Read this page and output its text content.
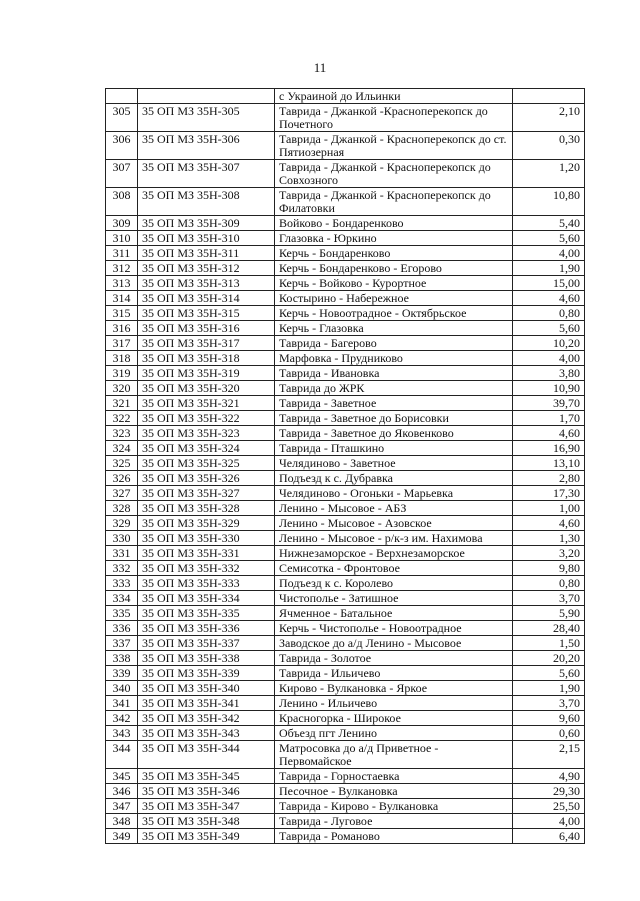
11
		с Украиной до Ильинки	
305	35 ОП МЗ 35Н-305	Таврида - Джанкой -Красноперекопск до Почетного	2,10
306	35 ОП МЗ 35Н-306	Таврида - Джанкой - Красноперекопск до ст. Пятиозерная	0,30
307	35 ОП МЗ 35Н-307	Таврида - Джанкой - Красноперекопск до Совхозного	1,20
308	35 ОП МЗ 35Н-308	Таврида - Джанкой - Красноперекопск до Филатовки	10,80
309	35 ОП МЗ 35Н-309	Войково - Бондаренково	5,40
310	35 ОП МЗ 35Н-310	Глазовка - Юркино	5,60
311	35 ОП МЗ 35Н-311	Керчь - Бондаренково	4,00
312	35 ОП МЗ 35Н-312	Керчь - Бондаренково - Егорово	1,90
313	35 ОП МЗ 35Н-313	Керчь - Войково - Курортное	15,00
314	35 ОП МЗ 35Н-314	Костырино - Набережное	4,60
315	35 ОП МЗ 35Н-315	Керчь - Новоотрадное - Октябрьское	0,80
316	35 ОП МЗ 35Н-316	Керчь - Глазовка	5,60
317	35 ОП МЗ 35Н-317	Таврида - Багерово	10,20
318	35 ОП МЗ 35Н-318	Марфовка - Прудниково	4,00
319	35 ОП МЗ 35Н-319	Таврида - Ивановка	3,80
320	35 ОП МЗ 35Н-320	Таврида до ЖРК	10,90
321	35 ОП МЗ 35Н-321	Таврида - Заветное	39,70
322	35 ОП МЗ 35Н-322	Таврида - Заветное до Борисовки	1,70
323	35 ОП МЗ 35Н-323	Таврида - Заветное до Яковенково	4,60
324	35 ОП МЗ 35Н-324	Таврида - Пташкино	16,90
325	35 ОП МЗ 35Н-325	Челядиново - Заветное	13,10
326	35 ОП МЗ 35Н-326	Подъезд к с. Дубравка	2,80
327	35 ОП МЗ 35Н-327	Челядиново - Огоньки - Марьевка	17,30
328	35 ОП МЗ 35Н-328	Ленино - Мысовое - АБЗ	1,00
329	35 ОП МЗ 35Н-329	Ленино - Мысовое - Азовское	4,60
330	35 ОП МЗ 35Н-330	Ленино - Мысовое - р/к-з им. Нахимова	1,30
331	35 ОП МЗ 35Н-331	Нижнезаморское - Верхнезаморское	3,20
332	35 ОП МЗ 35Н-332	Семисотка - Фронтовое	9,80
333	35 ОП МЗ 35Н-333	Подъезд к с. Королево	0,80
334	35 ОП МЗ 35Н-334	Чистополье - Затишное	3,70
335	35 ОП МЗ 35Н-335	Ячменное - Батальное	5,90
336	35 ОП МЗ 35Н-336	Керчь - Чистополье - Новоотрадное	28,40
337	35 ОП МЗ 35Н-337	Заводское до а/д Ленино - Мысовое	1,50
338	35 ОП МЗ 35Н-338	Таврида - Золотое	20,20
339	35 ОП МЗ 35Н-339	Таврида - Ильичево	5,60
340	35 ОП МЗ 35Н-340	Кирово - Вулкановка - Яркое	1,90
341	35 ОП МЗ 35Н-341	Ленино - Ильичево	3,70
342	35 ОП МЗ 35Н-342	Красногорка - Широкое	9,60
343	35 ОП МЗ 35Н-343	Объезд пгт Ленино	0,60
344	35 ОП МЗ 35Н-344	Матросовка до а/д Приветное - Первомайское	2,15
345	35 ОП МЗ 35Н-345	Таврида - Горностаевка	4,90
346	35 ОП МЗ 35Н-346	Песочное - Вулкановка	29,30
347	35 ОП МЗ 35Н-347	Таврида - Кирово - Вулкановка	25,50
348	35 ОП МЗ 35Н-348	Таврида - Луговое	4,00
349	35 ОП МЗ 35Н-349	Таврида - Романово	6,40
